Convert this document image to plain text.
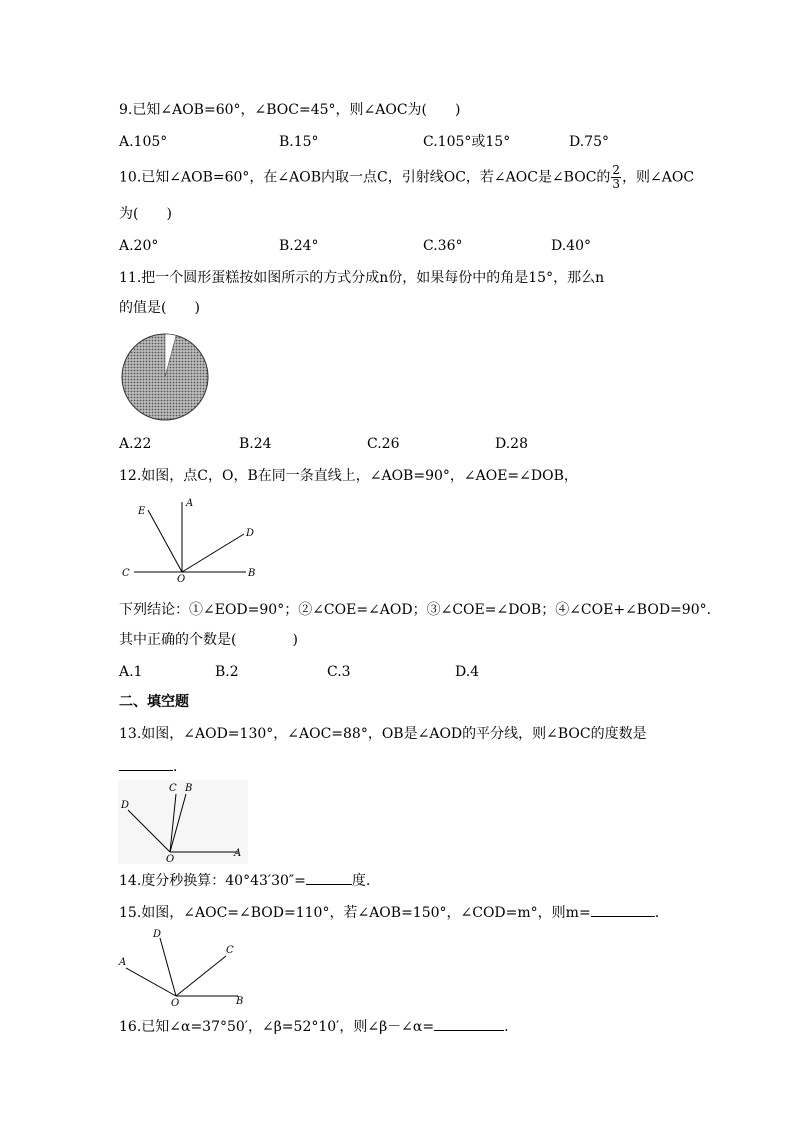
9.已知∠AOB=60°，∠BOC=45°，则∠AOC为(　　)
A.105°	B.15°	C.105°或15°	D.75°
10.已知∠AOB=60°，在∠AOB内取一点C，引射线OC，若∠AOC是∠BOC的 $\frac{2}{3}$ ，则∠AOC
为(　　)
A.20°	B.24°	C.36°	D.40°
11.把一个圆形蛋糕按如图所示的方式分成n份，如果每份中的角是15°，那么n
的值是(　　)
A.22	B.24	C.26	D.28
12.如图，点C，O，B在同一条直线上，∠AOB=90°，∠AOE=∠DOB，
E
A
D
C
O
B
下列结论：①∠EOD=90°；②∠COE=∠AOD；③∠COE=∠DOB；④∠COE+∠BOD=90°．
其中正确的个数是(　　　　)
A.1	B.2	C.3	D.4
二、填空题
13.如图，∠AOD=130°，∠AOC=88°，OB是∠AOD的平分线，则∠BOC的度数是
.
D
C B
O
A
14.度分秒换算：40°43′30″=	度.
15.如图，∠AOC=∠BOD=110°，若∠AOB=150°，∠COD=m°，则m=	.
D
C
A
O	B
16.已知∠α=37°50′，∠β=52°10′，则∠β－∠α=	.
